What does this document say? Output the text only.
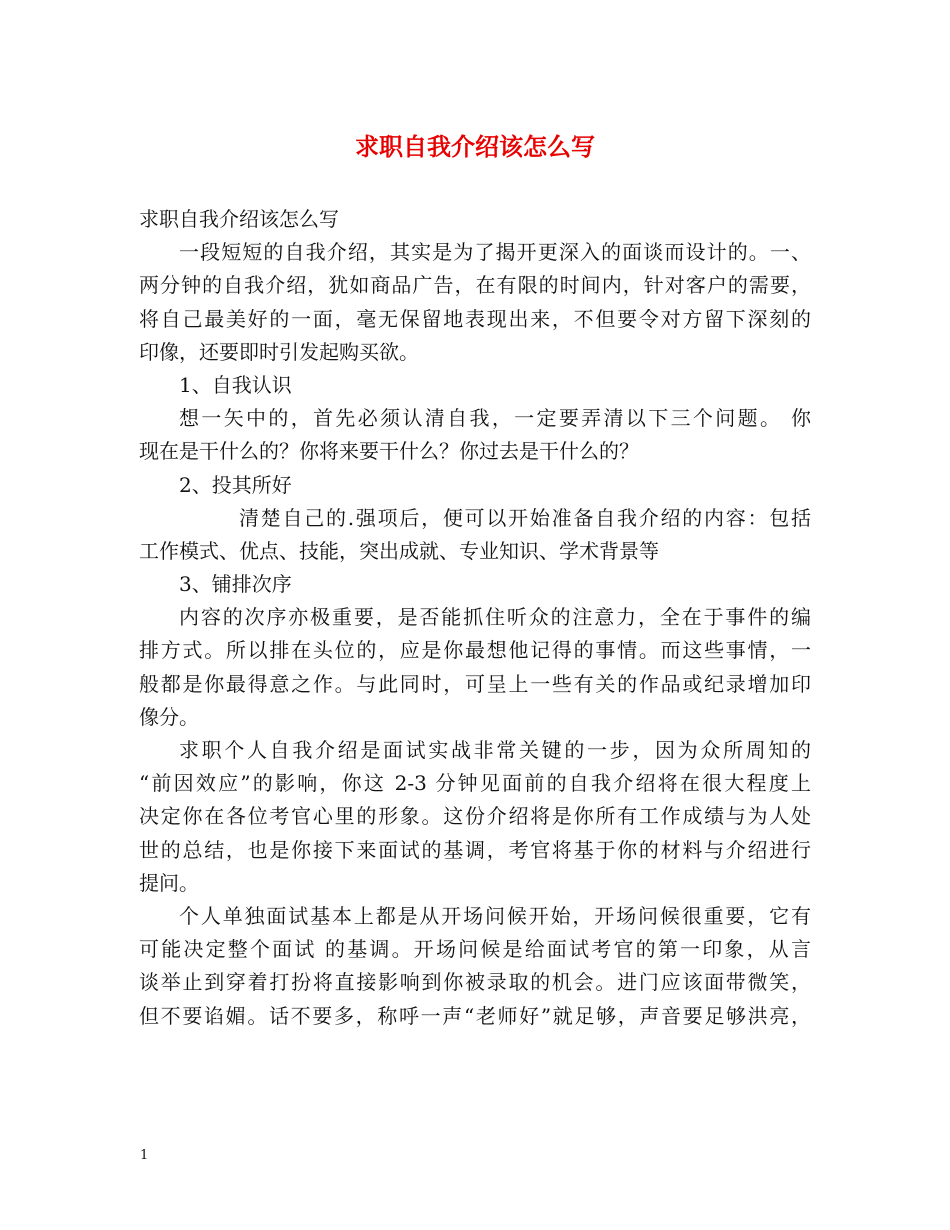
求职自我介绍该怎么写
求职自我介绍该怎么写
一段短短的自我介绍，其实是为了揭开更深入的面谈而设计的。一、
两分钟的自我介绍，犹如商品广告，在有限的时间内，针对客户的需要，
将自己最美好的一面，毫无保留地表现出来，不但要令对方留下深刻的
印像，还要即时引发起购买欲。
1、自我认识
想一矢中的，首先必须认清自我，一定要弄清以下三个问题。 你
现在是干什么的？你将来要干什么？你过去是干什么的？
2、投其所好
清楚自己的.强项后，便可以开始准备自我介绍的内容：包括
工作模式、优点、技能，突出成就、专业知识、学术背景等
3、铺排次序
内容的次序亦极重要，是否能抓住听众的注意力，全在于事件的编
排方式。所以排在头位的，应是你最想他记得的事情。而这些事情，一
般都是你最得意之作。与此同时，可呈上一些有关的作品或纪录增加印
像分。
求职个人自我介绍是面试实战非常关键的一步，因为众所周知的
“前因效应”的影响，你这 2-3 分钟见面前的自我介绍将在很大程度上
决定你在各位考官心里的形象。这份介绍将是你所有工作成绩与为人处
世的总结，也是你接下来面试的基调，考官将基于你的材料与介绍进行
提问。
个人单独面试基本上都是从开场问候开始，开场问候很重要，它有
可能决定整个面试 的基调。开场问候是给面试考官的第一印象，从言
谈举止到穿着打扮将直接影响到你被录取的机会。进门应该面带微笑，
但不要谄媚。话不要多，称呼一声“老师好”就足够，声音要足够洪亮，
1
